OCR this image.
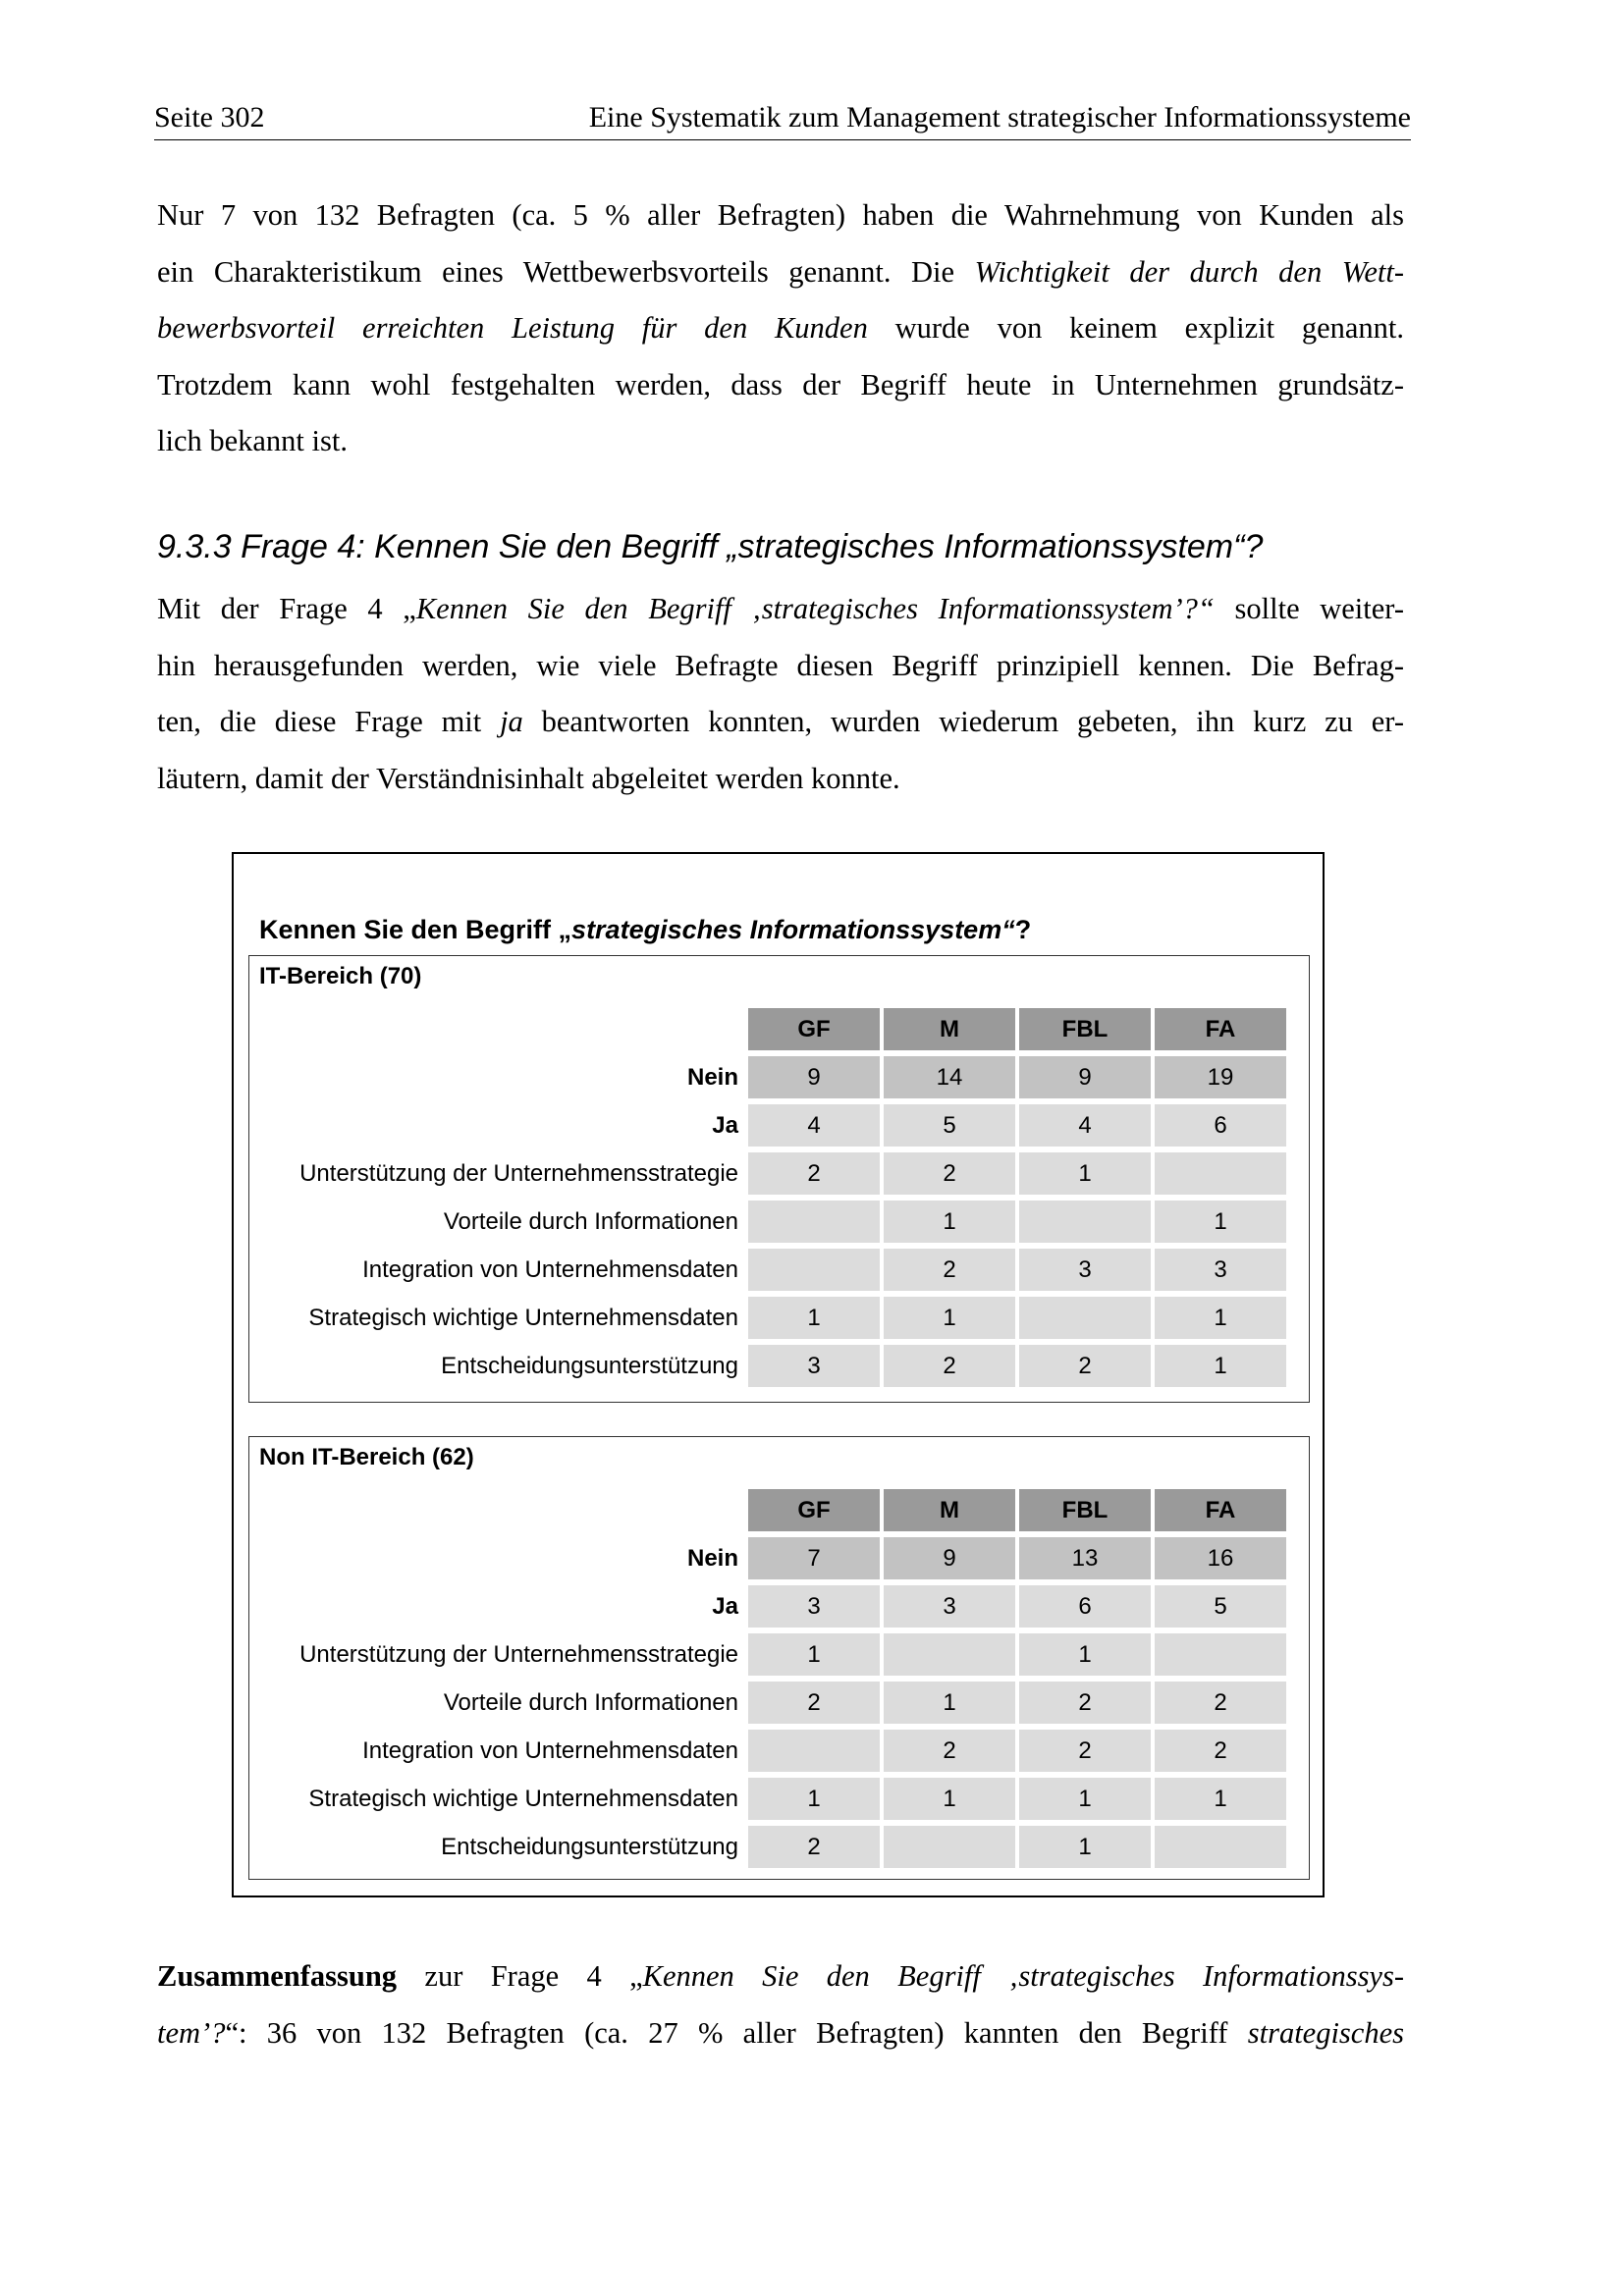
Seite 302	Eine Systematik zum Management strategischer Informationssysteme
Nur 7 von 132 Befragten (ca. 5 % aller Befragten) haben die Wahrnehmung von Kunden als
ein Charakteristikum eines Wettbewerbsvorteils genannt. Die Wichtigkeit der durch den Wett-
bewerbsvorteil erreichten Leistung für den Kunden wurde von keinem explizit genannt.
Trotzdem kann wohl festgehalten werden, dass der Begriff heute in Unternehmen grundsätz-
lich bekannt ist.
9.3.3 Frage 4: Kennen Sie den Begriff „strategisches Informationssystem“?
Mit der Frage 4 „Kennen Sie den Begriff ‚strategisches Informationssystem’?“ sollte weiter-
hin herausgefunden werden, wie viele Befragte diesen Begriff prinzipiell kennen. Die Befrag-
ten, die diese Frage mit ja beantworten konnten, wurden wiederum gebeten, ihn kurz zu er-
läutern, damit der Verständnisinhalt abgeleitet werden konnte.
Kennen Sie den Begriff „strategisches Informationssystem“?
IT-Bereich (70)
	GF	M	FBL	FA
Nein	9	14	9	19
Ja	4	5	4	6
Unterstützung der Unternehmensstrategie	2	2	1	
Vorteile durch Informationen		1		1
Integration von Unternehmensdaten		2	3	3
Strategisch wichtige Unternehmensdaten	1	1		1
Entscheidungsunterstützung	3	2	2	1
Non IT-Bereich (62)
	GF	M	FBL	FA
Nein	7	9	13	16
Ja	3	3	6	5
Unterstützung der Unternehmensstrategie	1		1	
Vorteile durch Informationen	2	1	2	2
Integration von Unternehmensdaten		2	2	2
Strategisch wichtige Unternehmensdaten	1	1	1	1
Entscheidungsunterstützung	2		1	
Zusammenfassung zur Frage 4 „Kennen Sie den Begriff ‚strategisches Informationssys-
tem’?“: 36 von 132 Befragten (ca. 27 % aller Befragten) kannten den Begriff strategisches
